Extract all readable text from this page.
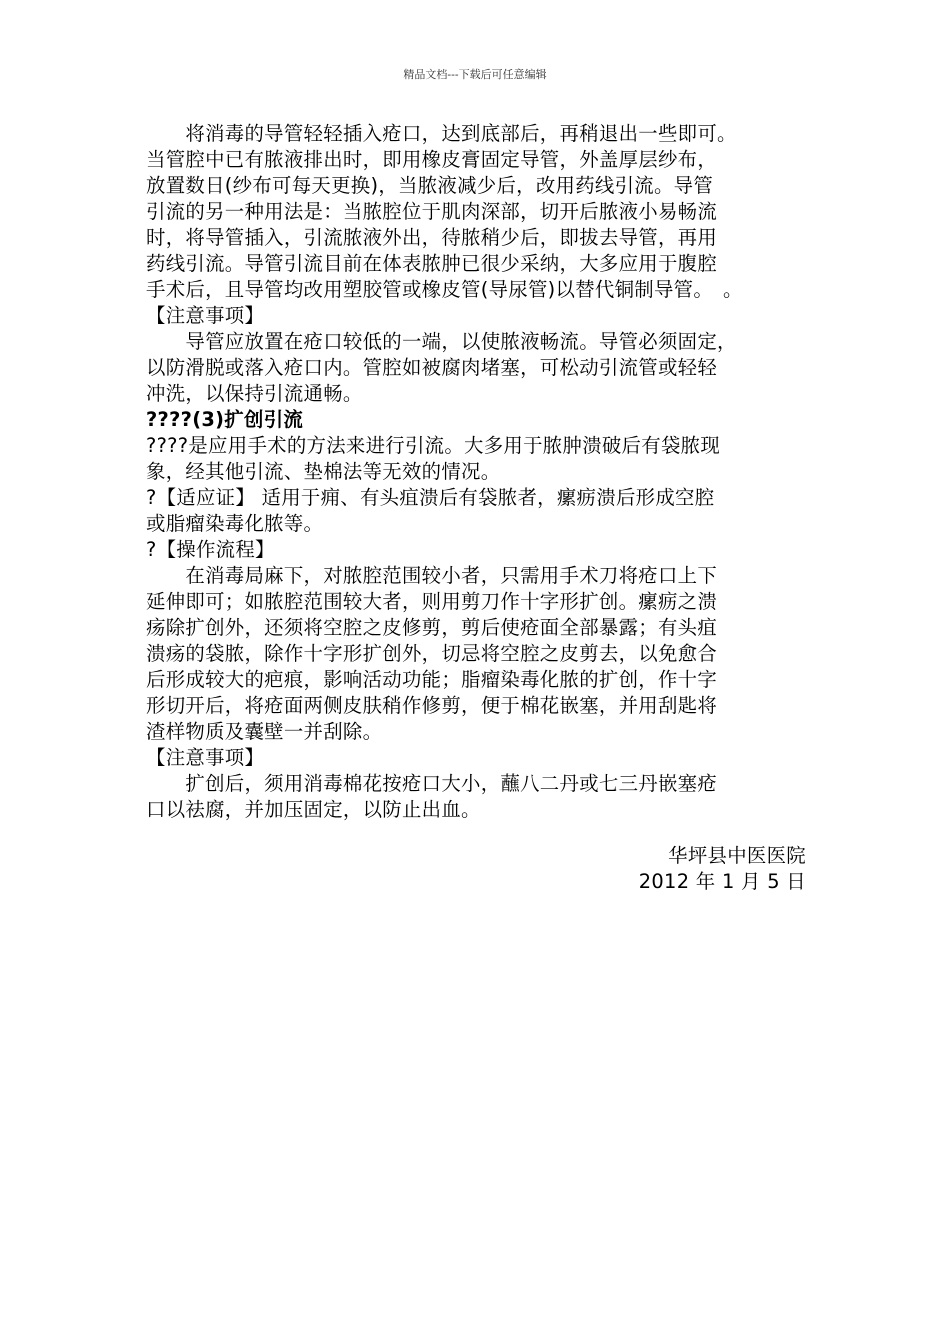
精品文档---下载后可任意编辑
　　将消毒的导管轻轻插入疮口，达到底部后，再稍退出一些即可。
当管腔中已有脓液排出时，即用橡皮膏固定导管，外盖厚层纱布，
放置数日(纱布可每天更换)，当脓液减少后，改用药线引流。导管
引流的另一种用法是：当脓腔位于肌肉深部，切开后脓液小易畅流
时，将导管插入，引流脓液外出，待脓稍少后，即拔去导管，再用
药线引流。导管引流目前在体表脓肿已很少采纳，大多应用于腹腔
手术后，且导管均改用塑胶管或橡皮管(导尿管)以替代铜制导管。　。
【注意事项】
　　导管应放置在疮口较低的一端，以使脓液畅流。导管必须固定，
以防滑脱或落入疮口内。管腔如被腐肉堵塞，可松动引流管或轻轻
冲洗，以保持引流通畅。
????(3)扩创引流
????是应用手术的方法来进行引流。大多用于脓肿溃破后有袋脓现
象，经其他引流、垫棉法等无效的情况。
?【适应证】 适用于痈、有头疽溃后有袋脓者，瘰疬溃后形成空腔
或脂瘤染毒化脓等。
?【操作流程】
　　在消毒局麻下，对脓腔范围较小者，只需用手术刀将疮口上下
延伸即可；如脓腔范围较大者，则用剪刀作十字形扩创。瘰疬之溃
疡除扩创外，还须将空腔之皮修剪，剪后使疮面全部暴露；有头疽
溃疡的袋脓，除作十字形扩创外，切忌将空腔之皮剪去，以免愈合
后形成较大的疤痕，影响活动功能；脂瘤染毒化脓的扩创，作十字
形切开后，将疮面两侧皮肤稍作修剪，便于棉花嵌塞，并用刮匙将
渣样物质及囊壁一并刮除。
【注意事项】
　　扩创后，须用消毒棉花按疮口大小，蘸八二丹或七三丹嵌塞疮
口以祛腐，并加压固定，以防止出血。
华坪县中医医院
2012 年 1 月 5 日
